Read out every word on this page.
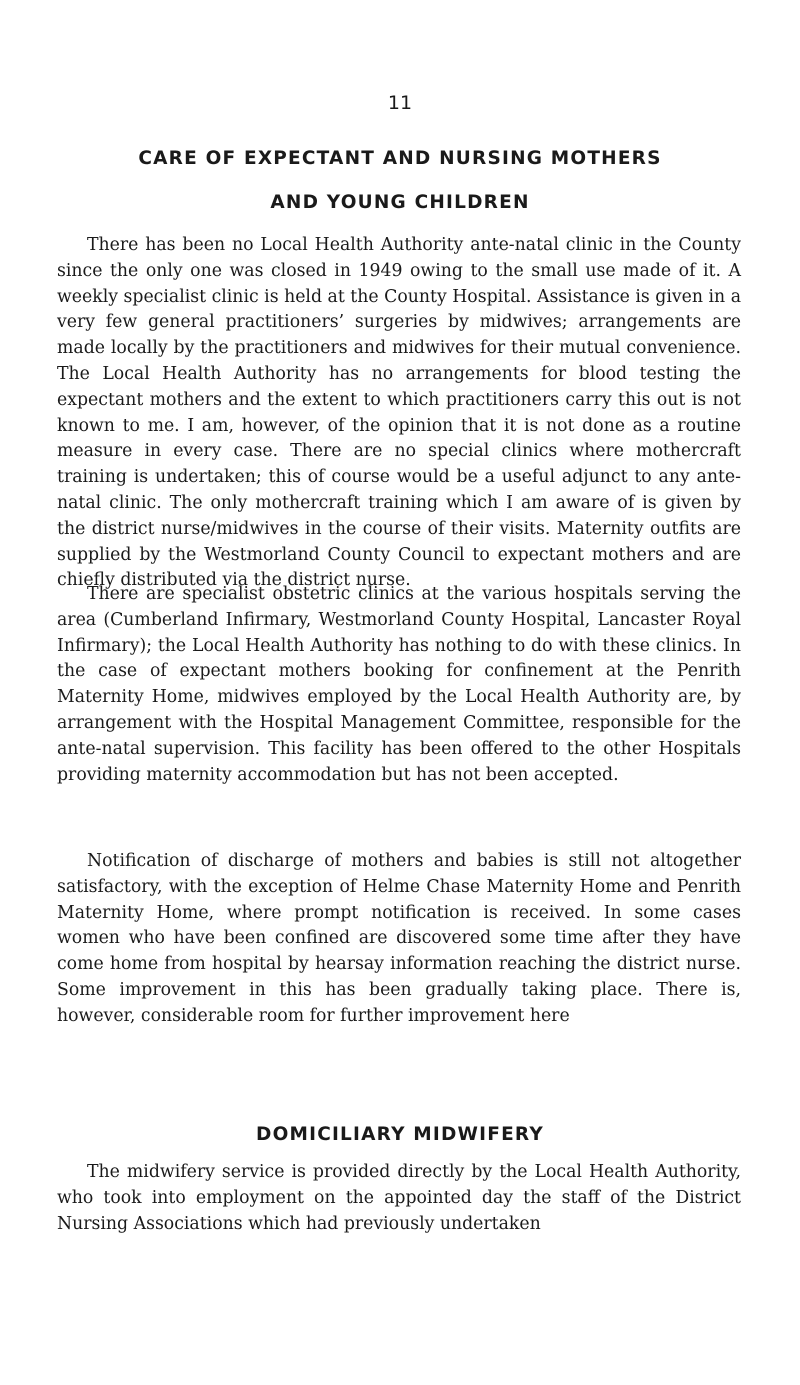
11
CARE OF EXPECTANT AND NURSING MOTHERS
AND YOUNG CHILDREN

There has been no Local Health Authority ante-natal clinic in the County since the only one was closed in 1949 owing to the small use made of it. A weekly specialist clinic is held at the County Hospital. Assistance is given in a very few general practitioners’ surgeries by midwives; arrangements are made locally by the practitioners and midwives for their mutual convenience. The Local Health Authority has no arrangements for blood testing the expectant mothers and the extent to which practitioners carry this out is not known to me. I am, however, of the opinion that it is not done as a routine measure in every case. There are no special clinics where mothercraft training is undertaken; this of course would be a useful adjunct to any ante-natal clinic. The only mothercraft training which I am aware of is given by the district nurse/midwives in the course of their visits. Maternity outfits are supplied by the Westmorland County Council to expectant mothers and are chiefly distributed via the district nurse.

There are specialist obstetric clinics at the various hospitals serving the area (Cumberland Infirmary, Westmorland County Hospital, Lancaster Royal Infirmary); the Local Health Authority has nothing to do with these clinics. In the case of expectant mothers booking for confinement at the Penrith Maternity Home, midwives employed by the Local Health Authority are, by arrangement with the Hospital Management Committee, responsible for the ante-natal supervision. This facility has been offered to the other Hospitals providing maternity accommodation but has not been accepted.

Notification of discharge of mothers and babies is still not altogether satisfactory, with the exception of Helme Chase Maternity Home and Penrith Maternity Home, where prompt notification is received. In some cases women who have been confined are discovered some time after they have come home from hospital by hearsay information reaching the district nurse. Some improvement in this has been gradually taking place. There is, however, considerable room for further improvement here

DOMICILIARY MIDWIFERY

The midwifery service is provided directly by the Local Health Authority, who took into employment on the appointed day the staff of the District Nursing Associations which had previously undertaken
